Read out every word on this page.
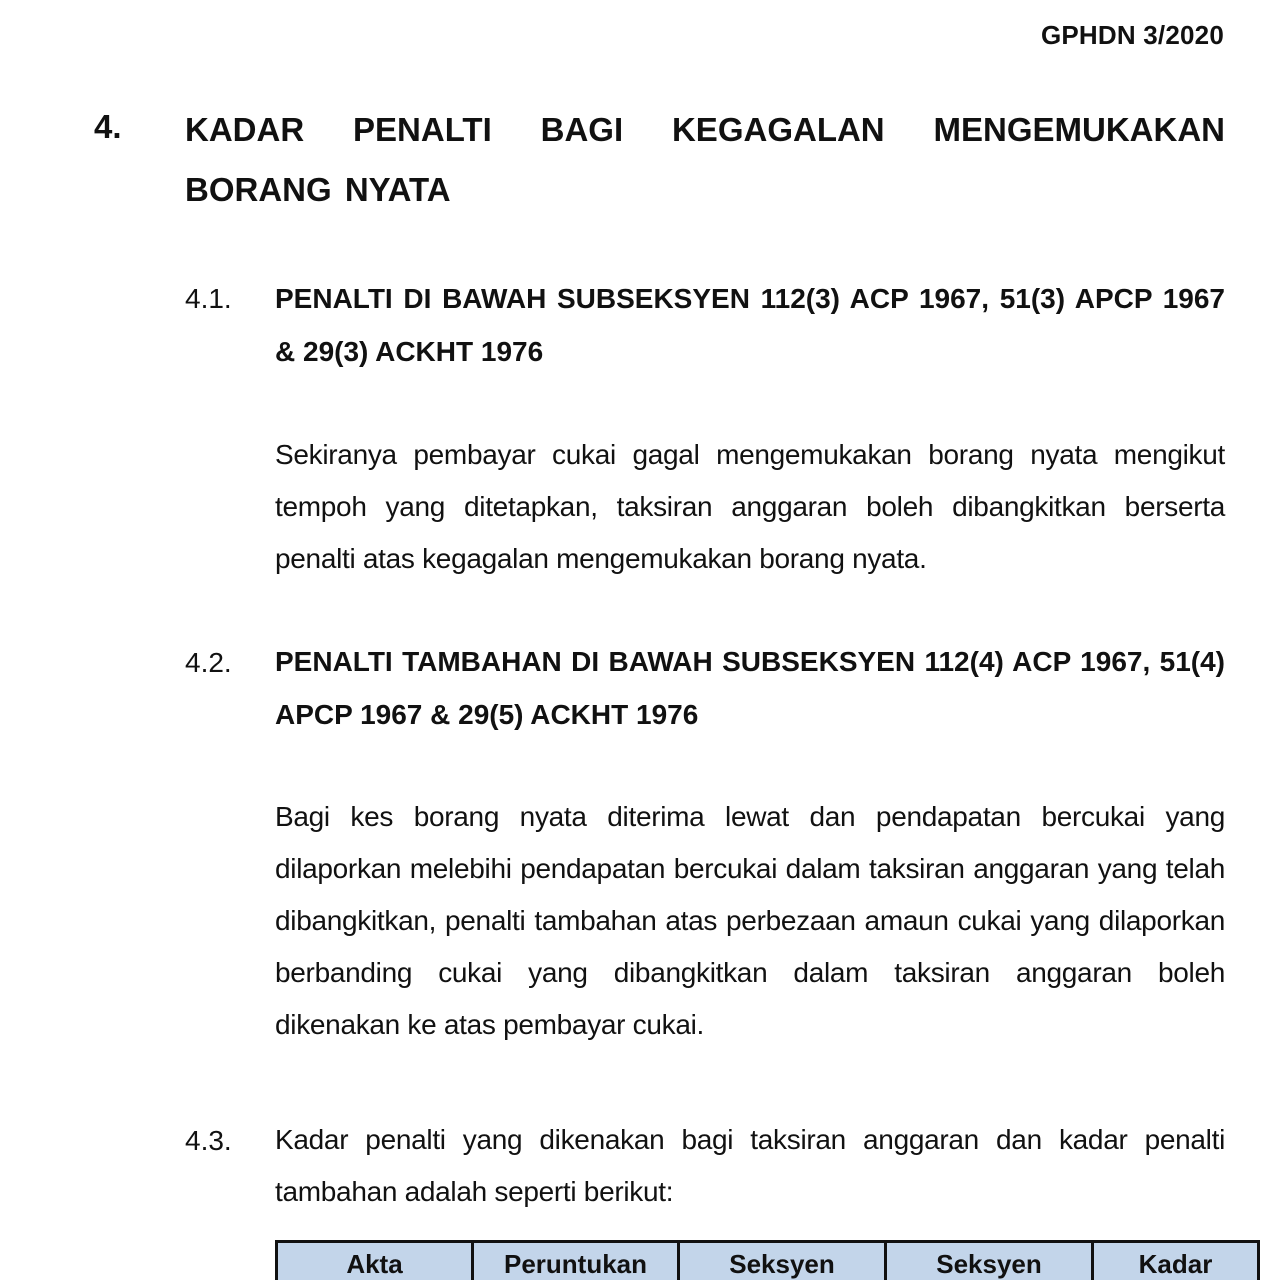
GPHDN 3/2020
4. KADAR PENALTI BAGI KEGAGALAN MENGEMUKAKAN BORANG NYATA
4.1. PENALTI DI BAWAH SUBSEKSYEN 112(3) ACP 1967, 51(3) APCP 1967 & 29(3) ACKHT 1976
Sekiranya pembayar cukai gagal mengemukakan borang nyata mengikut tempoh yang ditetapkan, taksiran anggaran boleh dibangkitkan berserta penalti atas kegagalan mengemukakan borang nyata.
4.2. PENALTI TAMBAHAN DI BAWAH SUBSEKSYEN 112(4) ACP 1967, 51(4) APCP 1967 & 29(5) ACKHT 1976
Bagi kes borang nyata diterima lewat dan pendapatan bercukai yang dilaporkan melebihi pendapatan bercukai dalam taksiran anggaran yang telah dibangkitkan, penalti tambahan atas perbezaan amaun cukai yang dilaporkan berbanding cukai yang dibangkitkan dalam taksiran anggaran boleh dikenakan ke atas pembayar cukai.
4.3. Kadar penalti yang dikenakan bagi taksiran anggaran dan kadar penalti tambahan adalah seperti berikut:
Akta	Peruntukan	Seksyen	Seksyen	Kadar
